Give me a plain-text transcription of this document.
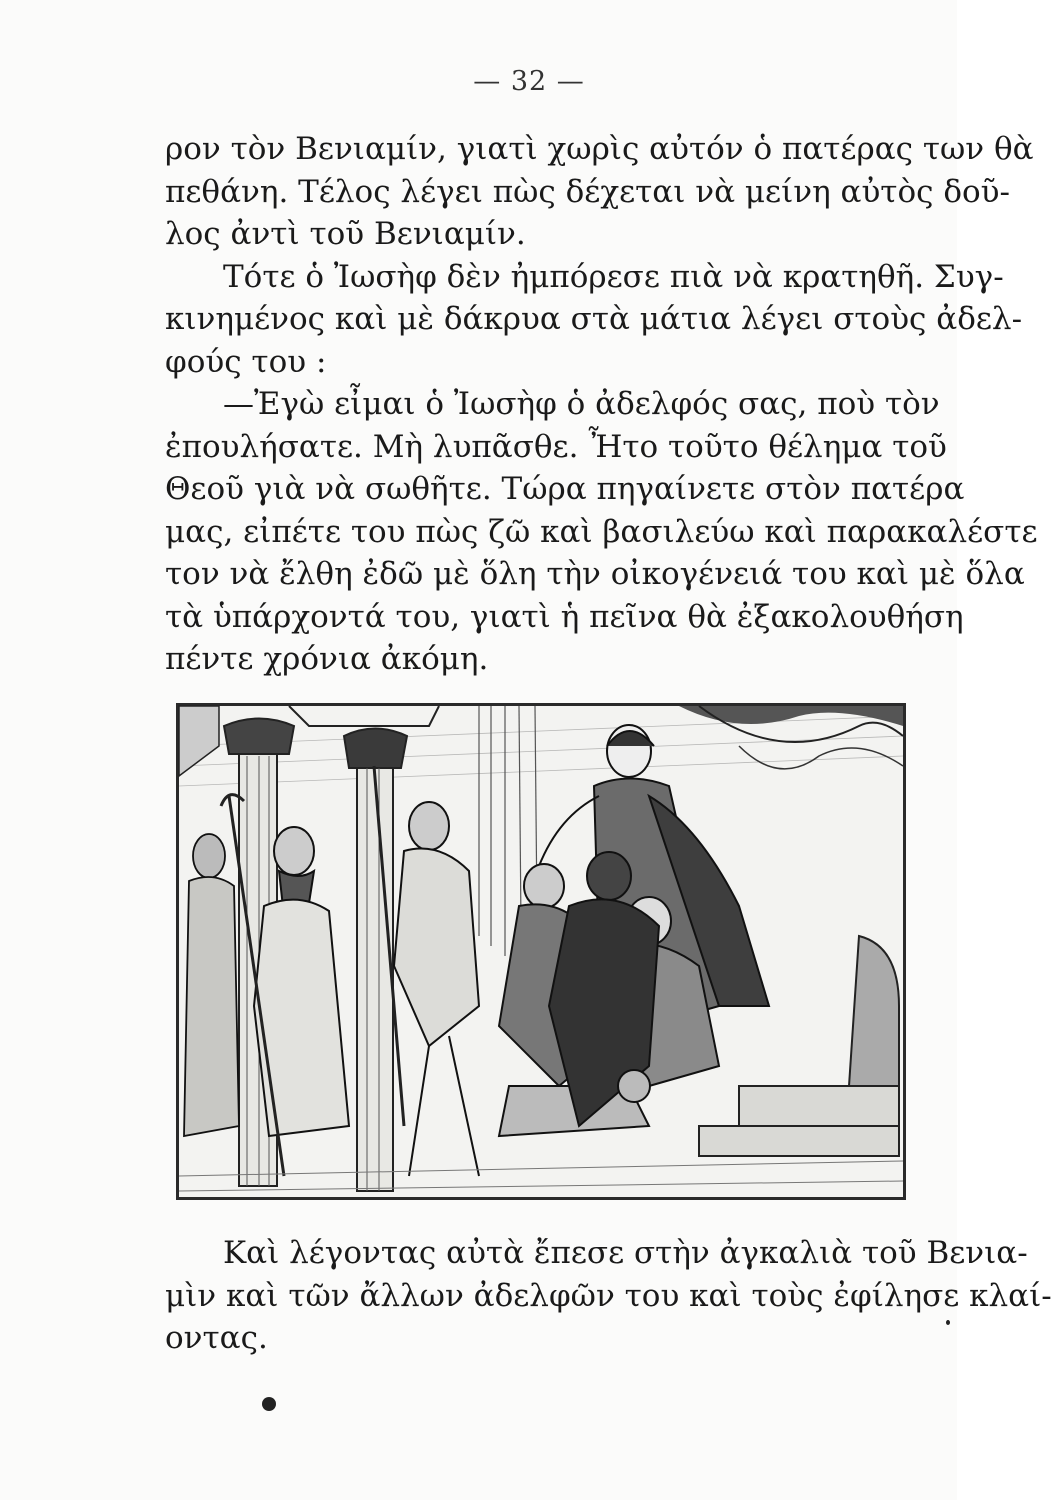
— 32 —
ρον τὸν Βενιαμίν, γιατὶ χωρὶς αὐτόν ὁ πατέρας των θὰ
πεθάνη. Τέλος λέγει πὼς δέχεται νὰ μείνη αὐτὸς δοῦ-
λος ἀντὶ τοῦ Βενιαμίν.
Τότε ὁ Ἰωσὴφ δὲν ἠμπόρεσε πιὰ νὰ κρατηθῆ. Συγ-
κινημένος καὶ μὲ δάκρυα στὰ μάτια λέγει στοὺς ἀδελ-
φούς του :
—Ἐγὼ εἶμαι ὁ Ἰωσὴφ ὁ ἀδελφός σας, ποὺ τὸν
ἐπουλήσατε. Μὴ λυπᾶσθε. Ἦτο τοῦτο θέλημα τοῦ
Θεοῦ γιὰ νὰ σωθῆτε. Τώρα πηγαίνετε στὸν πατέρα
μας, εἰπέτε του πὼς ζῶ καὶ βασιλεύω καὶ παρακαλέστε
τον νὰ ἔλθη ἐδῶ μὲ ὅλη τὴν οἰκογένειά του καὶ μὲ ὅλα
τὰ ὑπάρχοντά του, γιατὶ ἡ πεῖνα θὰ ἐξακολουθήση
πέντε χρόνια ἀκόμη.
Καὶ λέγοντας αὐτὰ ἔπεσε στὴν ἀγκαλιὰ τοῦ Βενια-
μὶν καὶ τῶν ἄλλων ἀδελφῶν του καὶ τοὺς ἐφίλησε κλαί-
οντας.
